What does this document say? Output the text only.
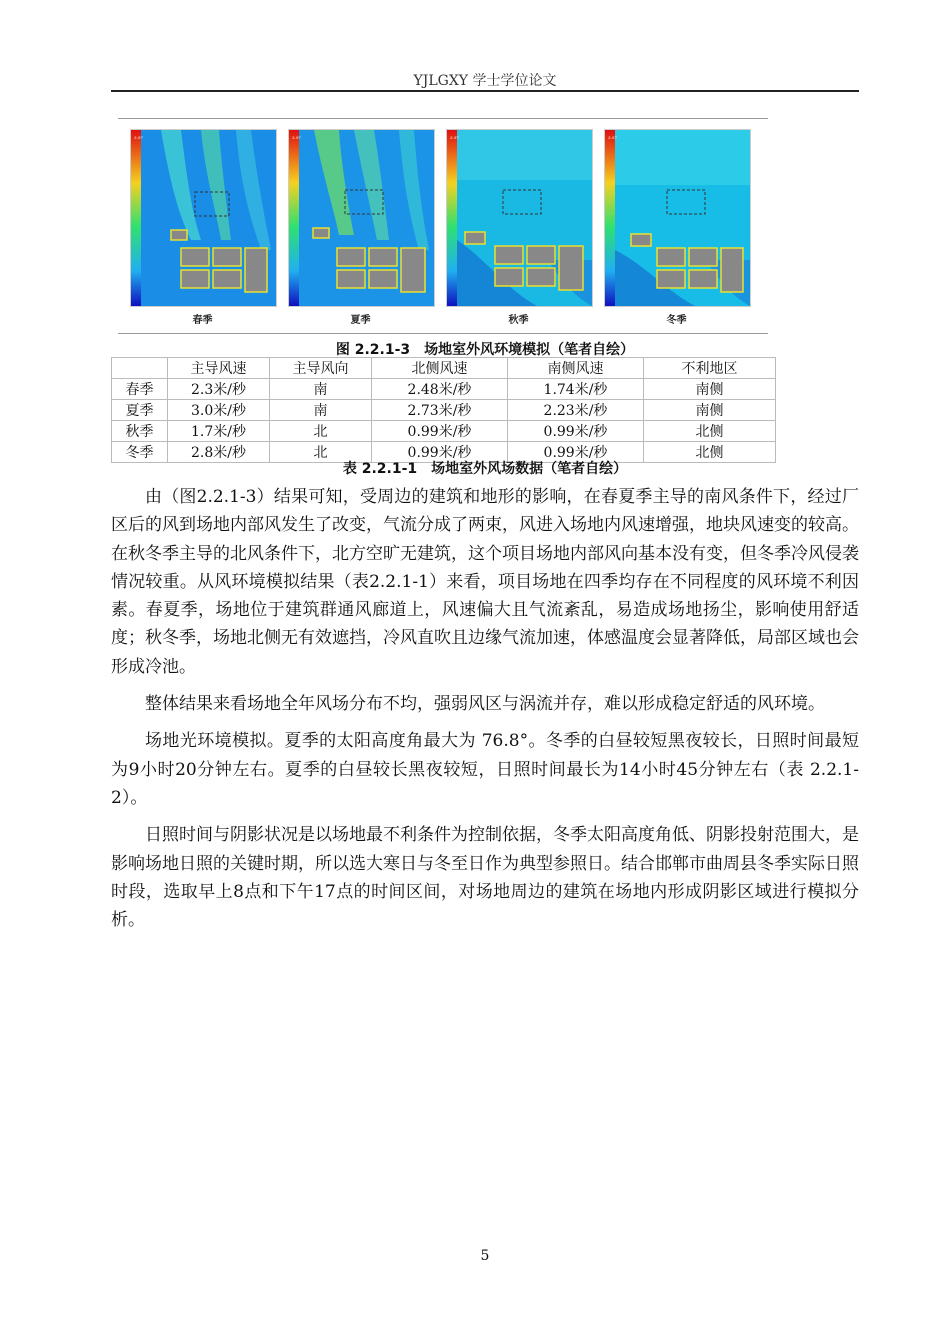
YJLGXY 学士学位论文
3.97
春季
3.97
夏季
3.97
秋季
3.97
冬季
图 2.2.1-3　场地室外风环境模拟（笔者自绘）
	主导风速	主导风向	北侧风速	南侧风速	不利地区
春季	2.3米/秒	南	2.48米/秒	1.74米/秒	南侧
夏季	3.0米/秒	南	2.73米/秒	2.23米/秒	南侧
秋季	1.7米/秒	北	0.99米/秒	0.99米/秒	北侧
冬季	2.8米/秒	北	0.99米/秒	0.99米/秒	北侧
表 2.2.1-1　场地室外风场数据（笔者自绘）

由（图2.2.1-3）结果可知，受周边的建筑和地形的影响，在春夏季主导的南风条件下，经过厂区后的风到场地内部风发生了改变，气流分成了两束，风进入场地内风速增强，地块风速变的较高。在秋冬季主导的北风条件下，北方空旷无建筑，这个项目场地内部风向基本没有变，但冬季冷风侵袭情况较重。从风环境模拟结果（表2.2.1-1）来看，项目场地在四季均存在不同程度的风环境不利因素。春夏季，场地位于建筑群通风廊道上，风速偏大且气流紊乱，易造成场地扬尘，影响使用舒适度；秋冬季，场地北侧无有效遮挡，冷风直吹且边缘气流加速，体感温度会显著降低，局部区域也会形成冷池。

整体结果来看场地全年风场分布不均，强弱风区与涡流并存，难以形成稳定舒适的风环境。

场地光环境模拟。夏季的太阳高度角最大为 76.8°。冬季的白昼较短黑夜较长，日照时间最短为9小时20分钟左右。夏季的白昼较长黑夜较短，日照时间最长为14小时45分钟左右（表 2.2.1-2）。

日照时间与阴影状况是以场地最不利条件为控制依据，冬季太阳高度角低、阴影投射范围大，是影响场地日照的关键时期，所以选大寒日与冬至日作为典型参照日。结合邯郸市曲周县冬季实际日照时段，选取早上8点和下午17点的时间区间，对场地周边的建筑在场地内形成阴影区域进行模拟分析。

5
